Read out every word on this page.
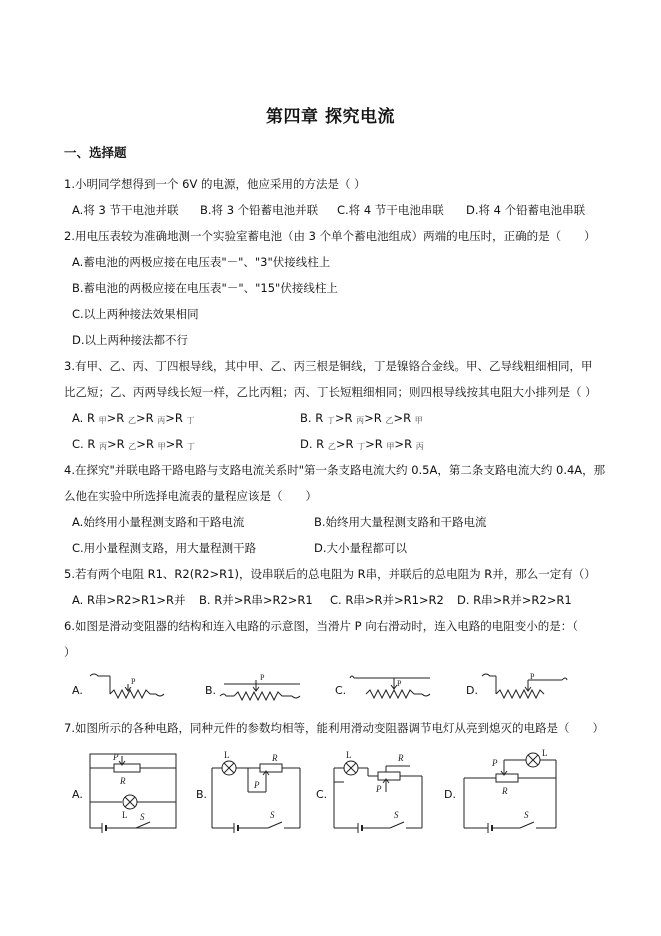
第四章 探究电流
一、选择题
1.小明同学想得到一个 6V 的电源，他应采用的方法是（ ）
A.将 3 节干电池并联 B.将 3 个铅蓄电池并联 C.将 4 节干电池串联 D.将 4 个铅蓄电池串联
2.用电压表较为准确地测一个实验室蓄电池（由 3 个单个蓄电池组成）两端的电压时，正确的是（　　）
A.蓄电池的两极应接在电压表"－"、"3"伏接线柱上
B.蓄电池的两极应接在电压表"－"、"15"伏接线柱上
C.以上两种接法效果相同
D.以上两种接法都不行
3.有甲、乙、丙、丁四根导线，其中甲、乙、丙三根是铜线，丁是镍铬合金线。甲、乙导线粗细相同，甲
比乙短；乙、丙两导线长短一样，乙比丙粗；丙、丁长短粗细相同；则四根导线按其电阻大小排列是（ ）
A. R 甲>R 乙>R 丙>R 丁	B. R 丁>R 丙>R 乙>R 甲
C. R 丙>R 乙>R 甲>R 丁	D. R 乙>R 丁>R 甲>R 丙
4.在探究"并联电路干路电路与支路电流关系时"第一条支路电流大约 0.5A，第二条支路电流大约 0.4A，那
么他在实验中所选择电流表的量程应该是（　　）
A.始终用小量程测支路和干路电流	B.始终用大量程测支路和干路电流
C.用小量程测支路，用大量程测干路	D.大小量程都可以
5.若有两个电阻 R1、R2(R2>R1)，设串联后的总电阻为 R串，并联后的总电阻为 R并，那么一定有（）
A. R串>R2>R1>R并 B. R并>R串>R2>R1 C. R串>R并>R1>R2 D. R串>R并>R2>R1
6.如图是滑动变阻器的结构和连入电路的示意图，当滑片 P 向右滑动时，连入电路的电阻变小的是：（
）
A.	B.	C.	D.
P	P
P
P
7.如图所示的各种电路，同种元件的参数均相等，能利用滑动变阻器调节电灯从亮到熄灭的电路是（　　）
A.	B.	C.	D.
P
R
L S
L	R
P
S
L	R
P
S
P
R
L
S
